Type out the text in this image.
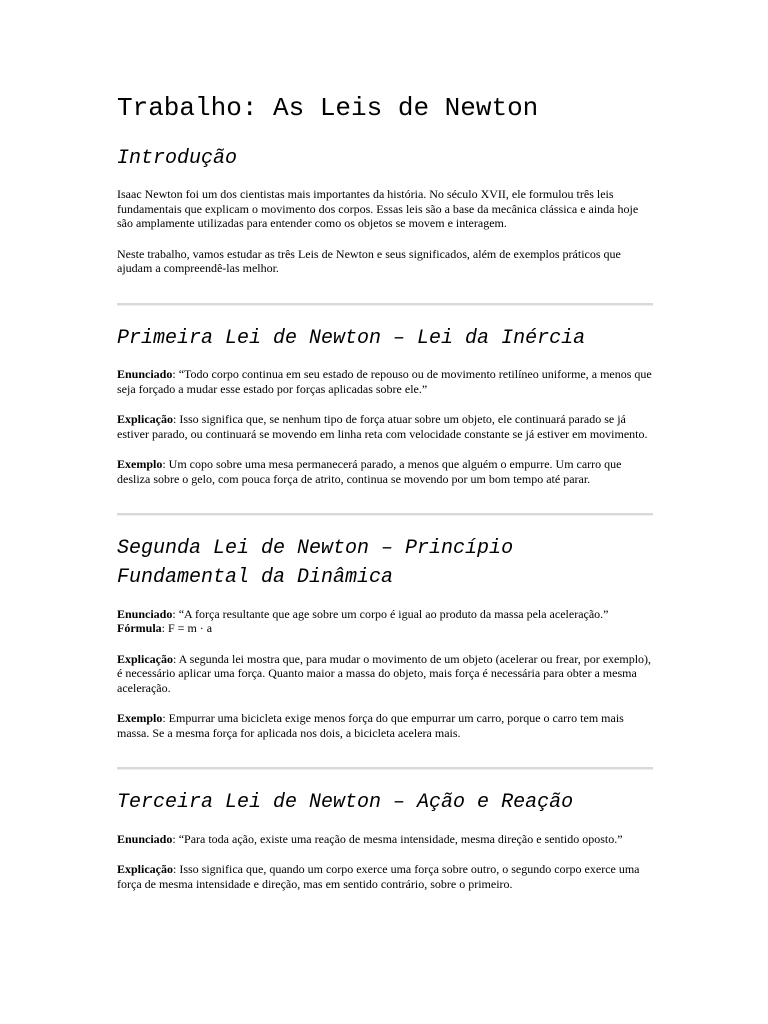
Trabalho: As Leis de Newton
Introdução

Isaac Newton foi um dos cientistas mais importantes da história. No século XVII, ele formulou três leis fundamentais que explicam o movimento dos corpos. Essas leis são a base da mecânica clássica e ainda hoje são amplamente utilizadas para entender como os objetos se movem e interagem.

Neste trabalho, vamos estudar as três Leis de Newton e seus significados, além de exemplos práticos que ajudam a compreendê-las melhor.

Primeira Lei de Newton – Lei da Inércia

Enunciado: “Todo corpo continua em seu estado de repouso ou de movimento retilíneo uniforme, a menos que seja forçado a mudar esse estado por forças aplicadas sobre ele.”

Explicação: Isso significa que, se nenhum tipo de força atuar sobre um objeto, ele continuará parado se já estiver parado, ou continuará se movendo em linha reta com velocidade constante se já estiver em movimento.

Exemplo: Um copo sobre uma mesa permanecerá parado, a menos que alguém o empurre. Um carro que desliza sobre o gelo, com pouca força de atrito, continua se movendo por um bom tempo até parar.

Segunda Lei de Newton – Princípio Fundamental da Dinâmica

Enunciado: “A força resultante que age sobre um corpo é igual ao produto da massa pela aceleração.”
Fórmula: F = m · a

Explicação: A segunda lei mostra que, para mudar o movimento de um objeto (acelerar ou frear, por exemplo), é necessário aplicar uma força. Quanto maior a massa do objeto, mais força é necessária para obter a mesma aceleração.

Exemplo: Empurrar uma bicicleta exige menos força do que empurrar um carro, porque o carro tem mais massa. Se a mesma força for aplicada nos dois, a bicicleta acelera mais.

Terceira Lei de Newton – Ação e Reação

Enunciado: “Para toda ação, existe uma reação de mesma intensidade, mesma direção e sentido oposto.”

Explicação: Isso significa que, quando um corpo exerce uma força sobre outro, o segundo corpo exerce uma força de mesma intensidade e direção, mas em sentido contrário, sobre o primeiro.
